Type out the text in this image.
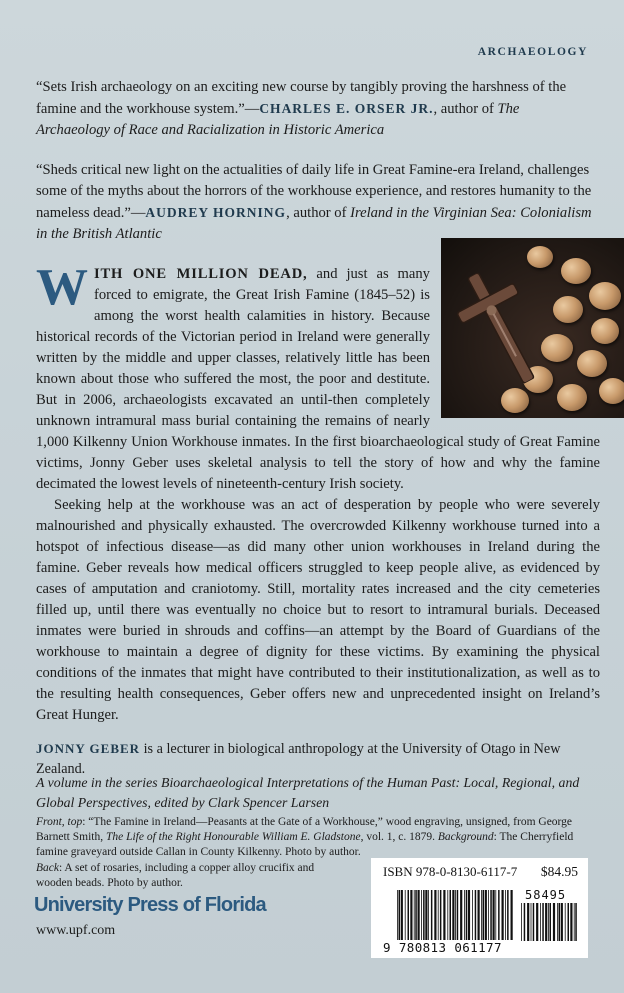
ARCHAEOLOGY
“Sets Irish archaeology on an exciting new course by tangibly proving the harshness of the famine and the workhouse system.”—CHARLES E. ORSER JR., author of The Archaeology of Race and Racialization in Historic America
“Sheds critical new light on the actualities of daily life in Great Famine-era Ireland, challenges some of the myths about the horrors of the workhouse experience, and restores humanity to the nameless dead.”—AUDREY HORNING, author of Ireland in the Virginian Sea: Colonialism in the British Atlantic

WITH ONE MILLION DEAD, and just as many forced to emigrate, the Great Irish Famine (1845–52) is among the worst health calamities in history. Because historical records of the Victorian period in Ireland were generally written by the middle and upper classes, relatively little has been known about those who suffered the most, the poor and destitute. But in 2006, archaeologists excavated an until-then completely unknown intramural mass burial containing the remains of nearly 1,000 Kilkenny Union Workhouse inmates. In the first bioarchaeological study of Great Famine victims, Jonny Geber uses skeletal analysis to tell the story of how and why the famine decimated the lowest levels of nineteenth-century Irish society.

Seeking help at the workhouse was an act of desperation by people who were severely malnourished and physically exhausted. The overcrowded Kilkenny workhouse turned into a hotspot of infectious disease—as did many other union workhouses in Ireland during the famine. Geber reveals how medical officers struggled to keep people alive, as evidenced by cases of amputation and craniotomy. Still, mortality rates increased and the city cemeteries filled up, until there was eventually no choice but to resort to intramural burials. Deceased inmates were buried in shrouds and coffins—an attempt by the Board of Guardians of the workhouse to maintain a degree of dignity for these victims. By examining the physical conditions of the inmates that might have contributed to their institutionalization, as well as to the resulting health consequences, Geber offers new and unprecedented insight on Ireland’s Great Hunger.

JONNY GEBER is a lecturer in biological anthropology at the University of Otago in New Zealand.
A volume in the series Bioarchaeological Interpretations of the Human Past: Local, Regional, and Global Perspectives, edited by Clark Spencer Larsen
Front, top: “The Famine in Ireland—Peasants at the Gate of a Workhouse,” wood engraving, unsigned, from George Barnett Smith, The Life of the Right Honourable William E. Gladstone, vol. 1, c. 1879. Background: The Cherryfield famine graveyard outside Callan in County Kilkenny. Photo by author.
Back: A set of rosaries, including a copper alloy crucifix and wooden beads. Photo by author.
University Press of Florida
www.upf.com
ISBN 978-0-8130-6117-7 $84.95
58495
9 780813 061177
